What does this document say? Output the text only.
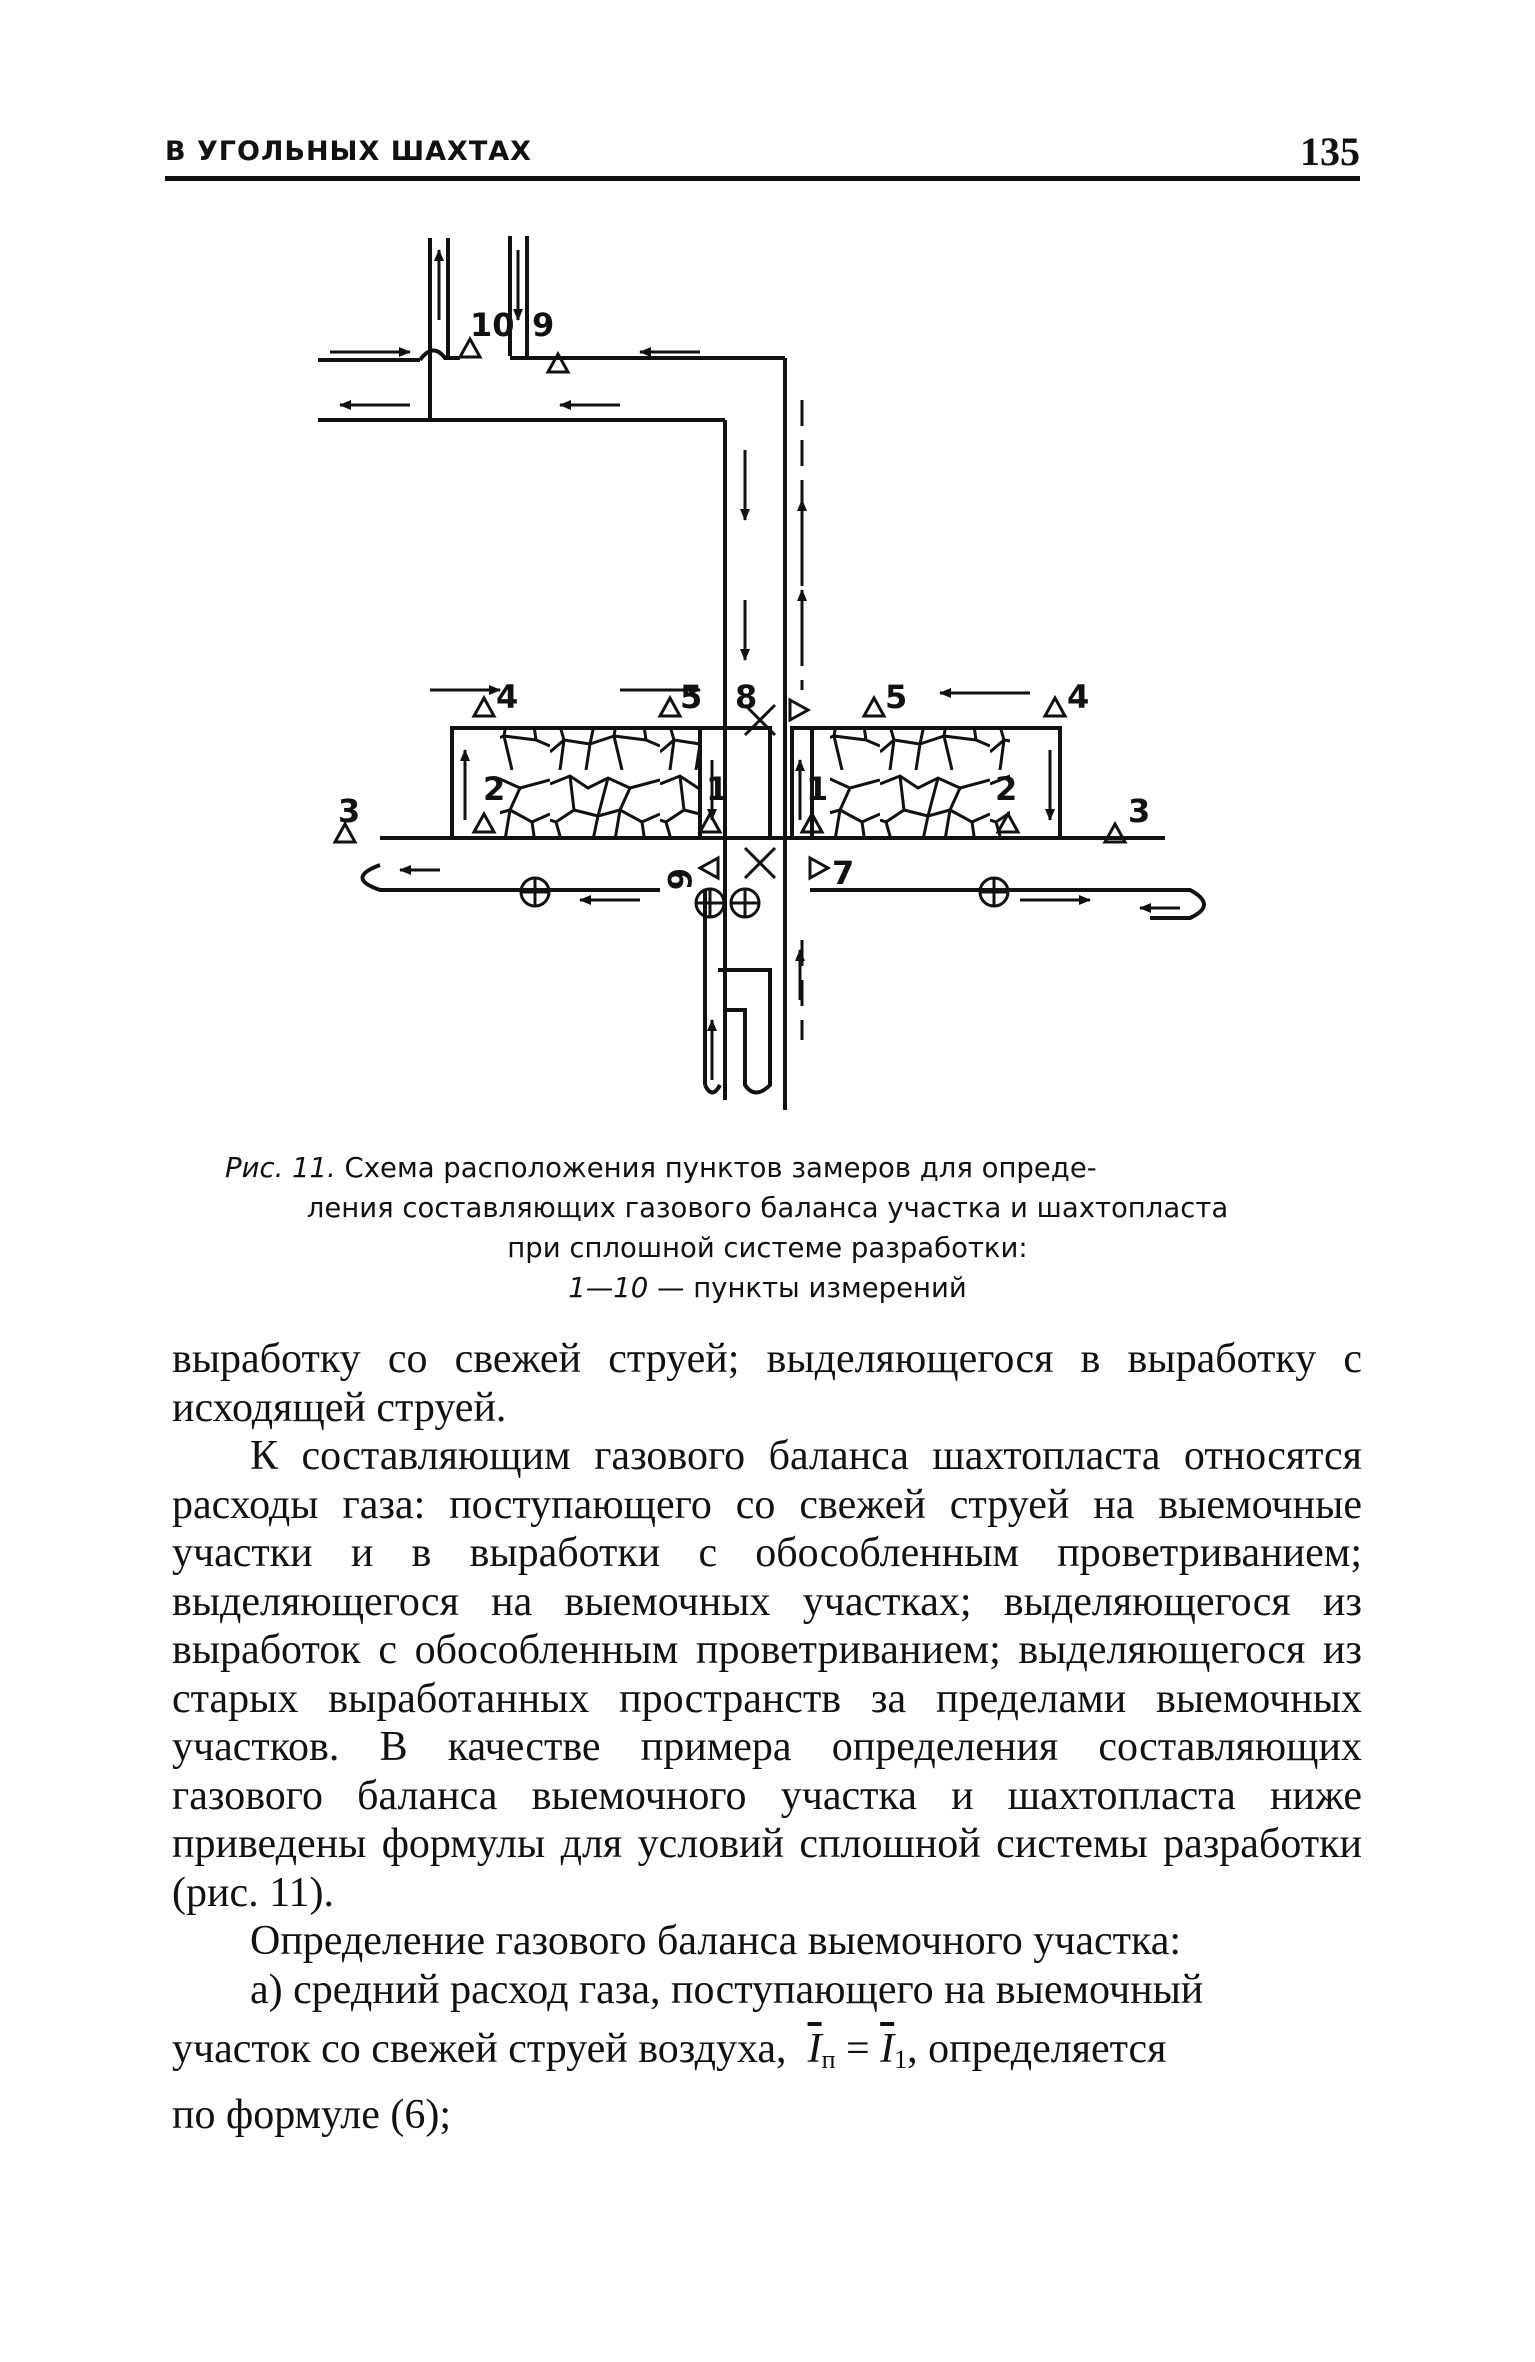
В УГОЛЬНЫХ ШАХТАХ	135
10 9
4	5 8	5	4
2	2
1 1
3	3
6	7

Рис. 11. Схема расположения пунктов замеров для опреде-

ления составляющих газового баланса участка и шахтопласта

при сплошной системе разработки:

1—10 — пункты измерений

выработку со свежей струей; выделяющегося в выработку с исходящей струей.

К составляющим газового баланса шахтопласта относятся расходы газа: поступающего со свежей струей на выемочные участки и в выработки с обособленным проветриванием; выделяющегося на выемочных участках; выделяющегося из выработок с обособленным проветриванием; выделяющегося из старых выработанных пространств за пределами выемочных участков. В качестве примера определения составляющих газового баланса выемочного участка и шахтопласта ниже приведены формулы для условий сплошной системы разработки (рис. 11).

Определение газового баланса выемочного участка:

а) средний расход газа, поступающего на выемочный

участок со свежей струей воздуха, $\overline{I}_п = \overline{I}_1$, определяется

по формуле (6);
